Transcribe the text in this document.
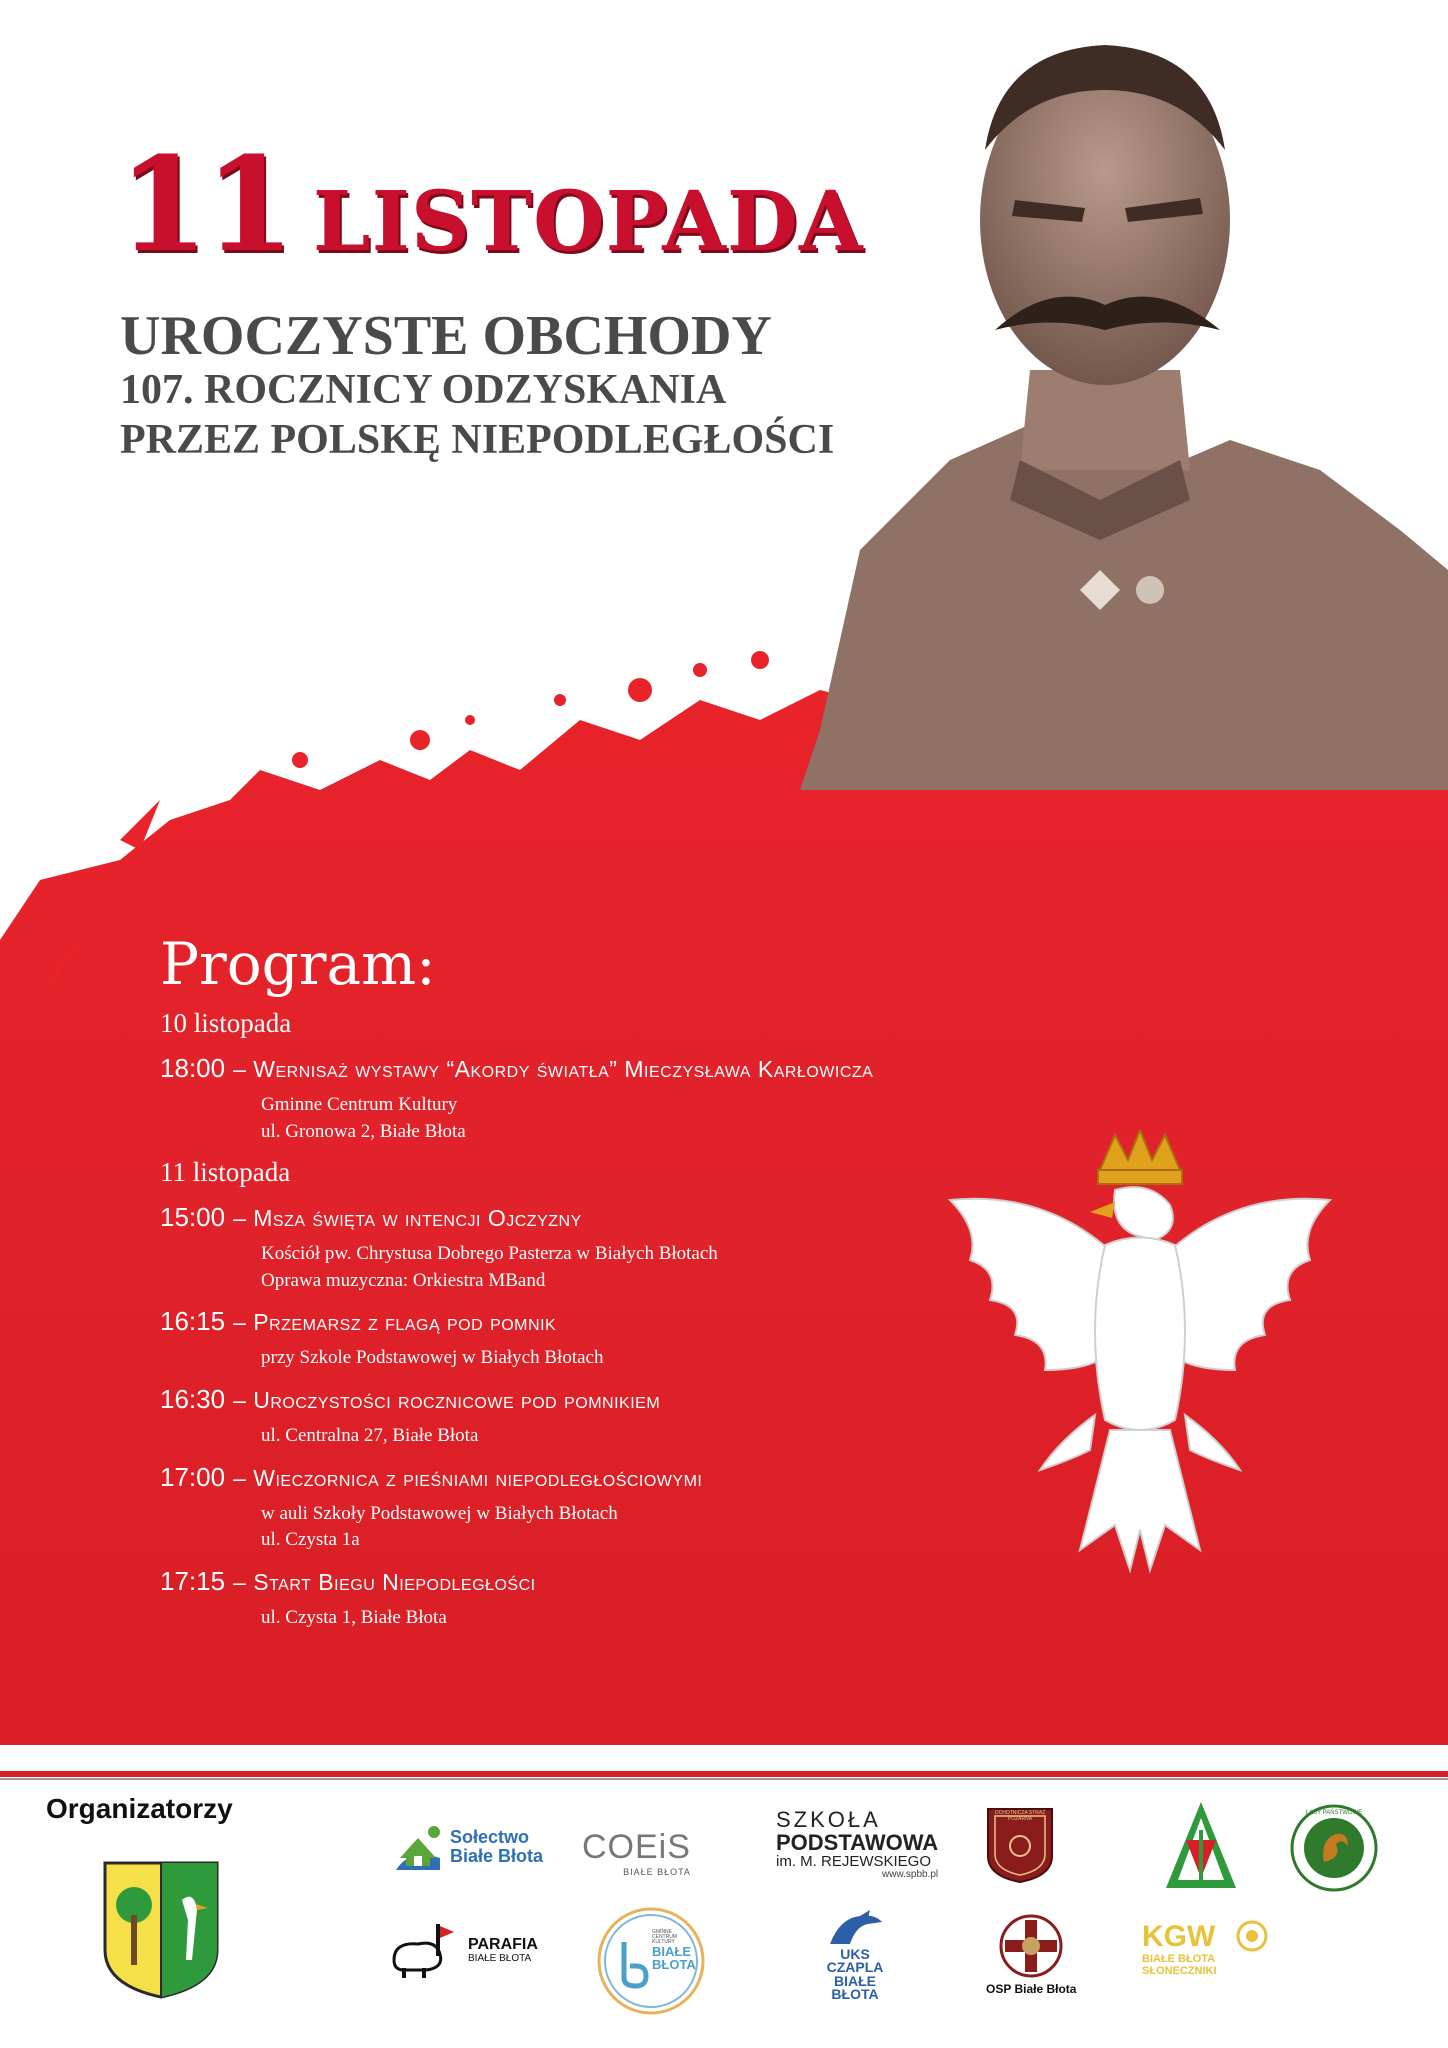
11 LISTOPADA
UROCZYSTE OBCHODY
107. ROCZNICY ODZYSKANIA
PRZEZ POLSKĘ NIEPODLEGŁOŚCI
Program:
10 listopada
18:00 – Wernisaż wystawy “Akordy światła” Mieczysława Karłowicza
Gminne Centrum Kultury
ul. Gronowa 2, Białe Błota
11 listopada
15:00 – Msza święta w intencji Ojczyzny
Kościół pw. Chrystusa Dobrego Pasterza w Białych Błotach
Oprawa muzyczna: Orkiestra MBand
16:15 – Przemarsz z flagą pod pomnik
przy Szkole Podstawowej w Białych Błotach
16:30 – Uroczystości rocznicowe pod pomnikiem
ul. Centralna 27, Białe Błota
17:00 – Wieczornica z pieśniami niepodległościowymi
w auli Szkoły Podstawowej w Białych Błotach
ul. Czysta 1a
17:15 – Start Biegu Niepodległości
ul. Czysta 1, Białe Błota
Organizatorzy
Sołectwo
Białe Błota COEiS
BIAŁE BŁOTA
SZKOŁA
PODSTAWOWA
im. M. REJEWSKIEGO
www.spbb.pl
OCHOTNICZA STRAŻ POŻARNA
LASY PAŃSTWOWE
PARAFIA
BIAŁE BŁOTA
GMINNE CENTRUM KULTURY
BIAŁE
BŁOTA
UKS
CZAPLA
BIAŁE
BŁOTA	OSP Białe Błota
KGW
BIAŁE BŁOTA
SŁONECZNIKI
